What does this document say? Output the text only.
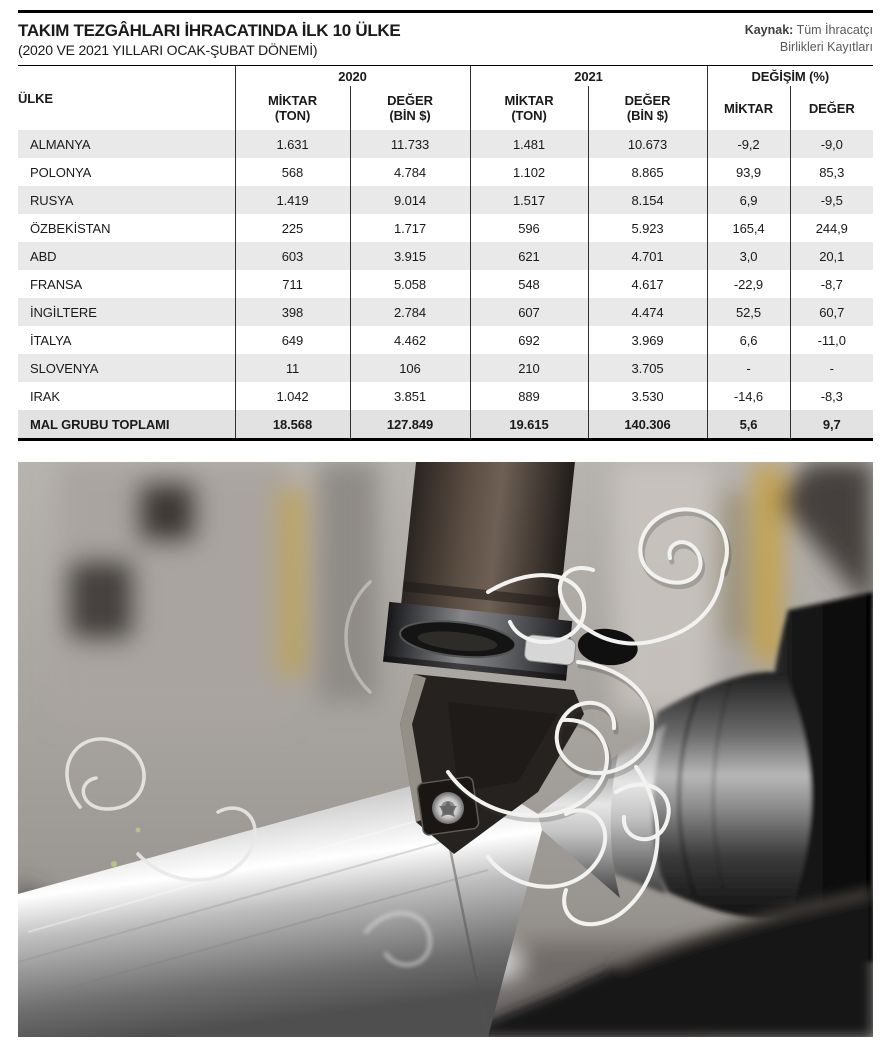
TAKIM TEZGÂHLARI İHRACATINDA İLK 10 ÜLKE
(2020 VE 2021 YILLARI OCAK-ŞUBAT DÖNEMİ)
Kaynak: Tüm İhracatçı
Birlikleri Kayıtları
ÜLKE	2020		2021		DEĞİŞİM (%)	
	MİKTAR
(TON)	DEĞER
(BİN $)	MİKTAR
(TON)	DEĞER
(BİN $)	MİKTAR	DEĞER
ALMANYA	1.631	11.733	1.481	10.673	-9,2	-9,0
POLONYA	568	4.784	1.102	8.865	93,9	85,3
RUSYA	1.419	9.014	1.517	8.154	6,9	-9,5
ÖZBEKİSTAN	225	1.717	596	5.923	165,4	244,9
ABD	603	3.915	621	4.701	3,0	20,1
FRANSA	711	5.058	548	4.617	-22,9	-8,7
İNGİLTERE	398	2.784	607	4.474	52,5	60,7
İTALYA	649	4.462	692	3.969	6,6	-11,0
SLOVENYA	11	106	210	3.705	-	-
IRAK	1.042	3.851	889	3.530	-14,6	-8,3
MAL GRUBU TOPLAMI	18.568	127.849	19.615	140.306	5,6	9,7
